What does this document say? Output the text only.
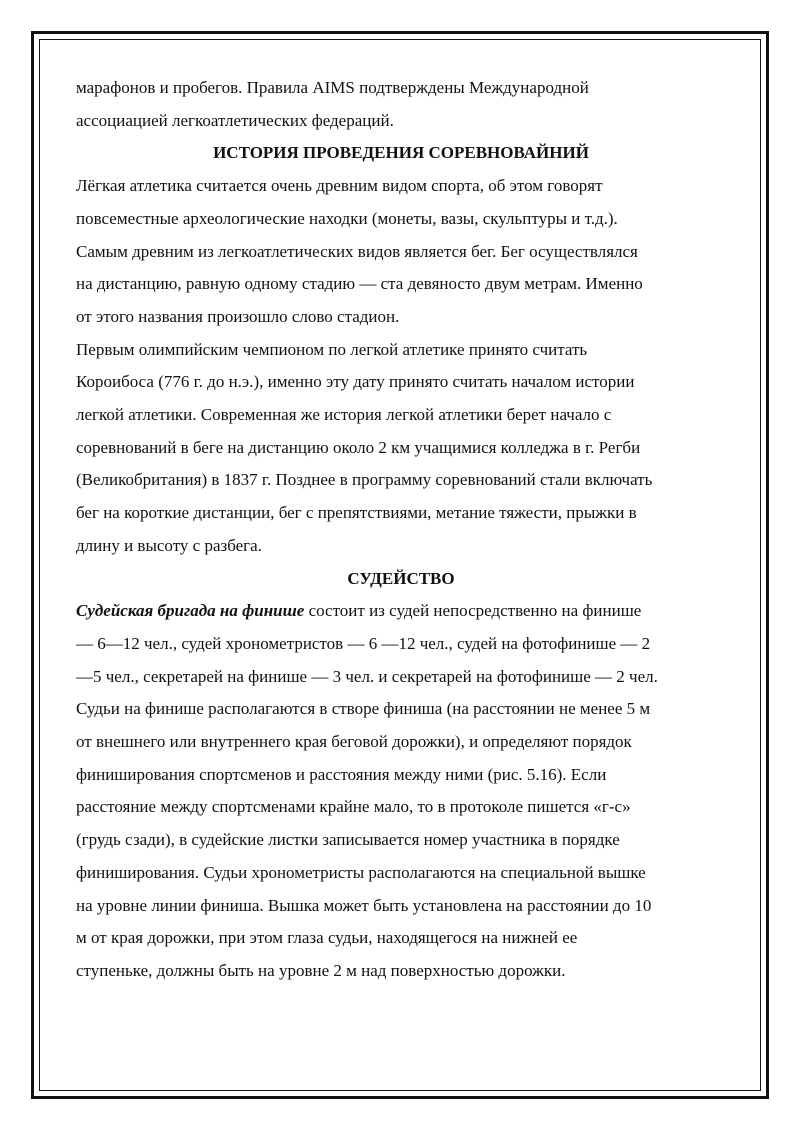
марафонов и пробегов. Правила AIMS подтверждены Международной

ассоциацией легкоатлетических федераций.

ИСТОРИЯ ПРОВЕДЕНИЯ СОРЕВНОВАЙНИЙ

Лёгкая атлетика считается очень древним видом спорта, об этом говорят

повсеместные археологические находки (монеты, вазы, скульптуры и т.д.).

Самым древним из легкоатлетических видов является бег. Бег осуществлялся

на дистанцию, равную одному стадию — ста девяносто двум метрам. Именно

от этого названия произошло слово стадион.

Первым олимпийским чемпионом по легкой атлетике принято считать

Короибоса (776 г. до н.э.), именно эту дату принято считать началом истории

легкой атлетики. Современная же история легкой атлетики берет начало с

соревнований в беге на дистанцию около 2 км учащимися колледжа в г. Регби

(Великобритания) в 1837 г. Позднее в программу соревнований стали включать

бег на короткие дистанции, бег с препятствиями, метание тяжести, прыжки в

длину и высоту с разбега.

СУДЕЙСТВО

Судейская бригада на финише состоит из судей непосредственно на финише

— 6—12 чел., судей хронометристов — 6 —12 чел., судей на фотофинише — 2

—5 чел., секретарей на финише — 3 чел. и секретарей на фотофинише — 2 чел.

Судьи на финише располагаются в створе финиша (на расстоянии не менее 5 м

от внешнего или внутреннего края беговой дорожки), и определяют порядок

финиширования спортсменов и расстояния между ними (рис. 5.16). Если

расстояние между спортсменами крайне мало, то в протоколе пишется «г-с»

(грудь сзади), в судейские листки записывается номер участника в порядке

финиширования. Судьи хронометристы располагаются на специальной вышке

на уровне линии финиша. Вышка может быть установлена на расстоянии до 10

м от края дорожки, при этом глаза судьи, находящегося на нижней ее

ступеньке, должны быть на уровне 2 м над поверхностью дорожки.
